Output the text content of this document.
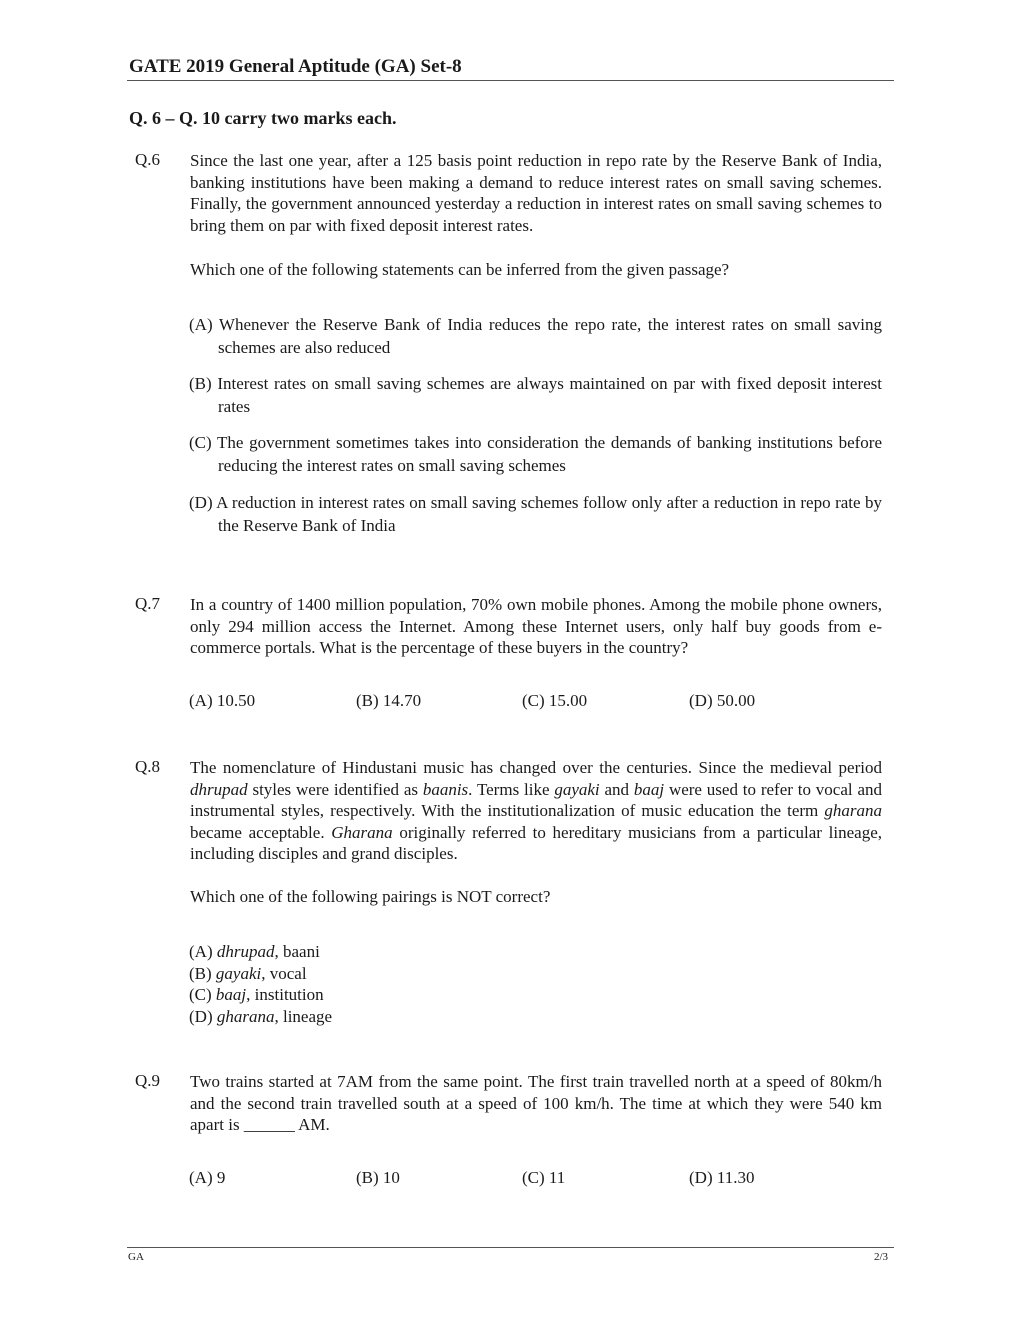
GATE 2019 General Aptitude (GA) Set-8
Q. 6 – Q. 10 carry two marks each.
Q.6 Since the last one year, after a 125 basis point reduction in repo rate by the Reserve Bank of India, banking institutions have been making a demand to reduce interest rates on small saving schemes. Finally, the government announced yesterday a reduction in interest rates on small saving schemes to bring them on par with fixed deposit interest rates.
Which one of the following statements can be inferred from the given passage?
(A) Whenever the Reserve Bank of India reduces the repo rate, the interest rates on small saving schemes are also reduced
(B) Interest rates on small saving schemes are always maintained on par with fixed deposit interest rates
(C) The government sometimes takes into consideration the demands of banking institutions before reducing the interest rates on small saving schemes
(D) A reduction in interest rates on small saving schemes follow only after a reduction in repo rate by the Reserve Bank of India
Q.7 In a country of 1400 million population, 70% own mobile phones. Among the mobile phone owners, only 294 million access the Internet. Among these Internet users, only half buy goods from e-commerce portals. What is the percentage of these buyers in the country?
(A) 10.50	(B) 14.70	(C) 15.00	(D) 50.00
Q.8 The nomenclature of Hindustani music has changed over the centuries. Since the medieval period dhrupad styles were identified as baanis. Terms like gayaki and baaj were used to refer to vocal and instrumental styles, respectively. With the institutionalization of music education the term gharana became acceptable. Gharana originally referred to hereditary musicians from a particular lineage, including disciples and grand disciples.
Which one of the following pairings is NOT correct?
(A) dhrupad, baani
(B) gayaki, vocal
(C) baaj, institution
(D) gharana, lineage
Q.9 Two trains started at 7AM from the same point. The first train travelled north at a speed of 80km/h and the second train travelled south at a speed of 100 km/h. The time at which they were 540 km apart is ______ AM.
(A) 9	(B) 10	(C) 11	(D) 11.30
GA	2/3
